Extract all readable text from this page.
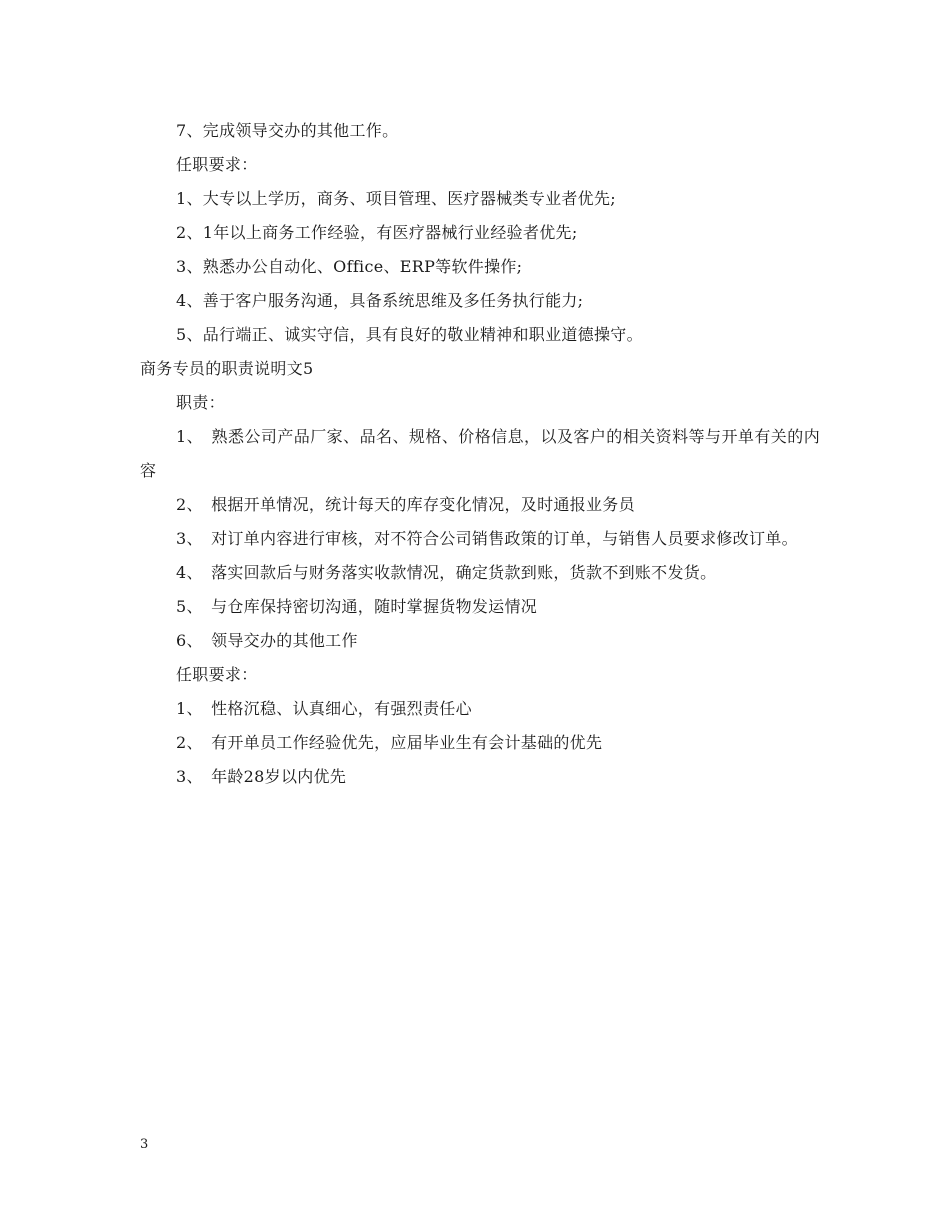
7、完成领导交办的其他工作。
任职要求：
1、大专以上学历，商务、项目管理、医疗器械类专业者优先;
2、1年以上商务工作经验，有医疗器械行业经验者优先;
3、熟悉办公自动化、Office、ERP等软件操作;
4、善于客户服务沟通，具备系统思维及多任务执行能力;
5、品行端正、诚实守信，具有良好的敬业精神和职业道德操守。
商务专员的职责说明文5
职责：
1、　熟悉公司产品厂家、品名、规格、价格信息，以及客户的相关资料等与开单有关的内容
2、　根据开单情况，统计每天的库存变化情况，及时通报业务员
3、　对订单内容进行审核，对不符合公司销售政策的订单，与销售人员要求修改订单。
4、　落实回款后与财务落实收款情况，确定货款到账，货款不到账不发货。
5、　与仓库保持密切沟通，随时掌握货物发运情况
6、　领导交办的其他工作
任职要求：
1、　性格沉稳、认真细心，有强烈责任心
2、　有开单员工作经验优先，应届毕业生有会计基础的优先
3、　年龄28岁以内优先
3
